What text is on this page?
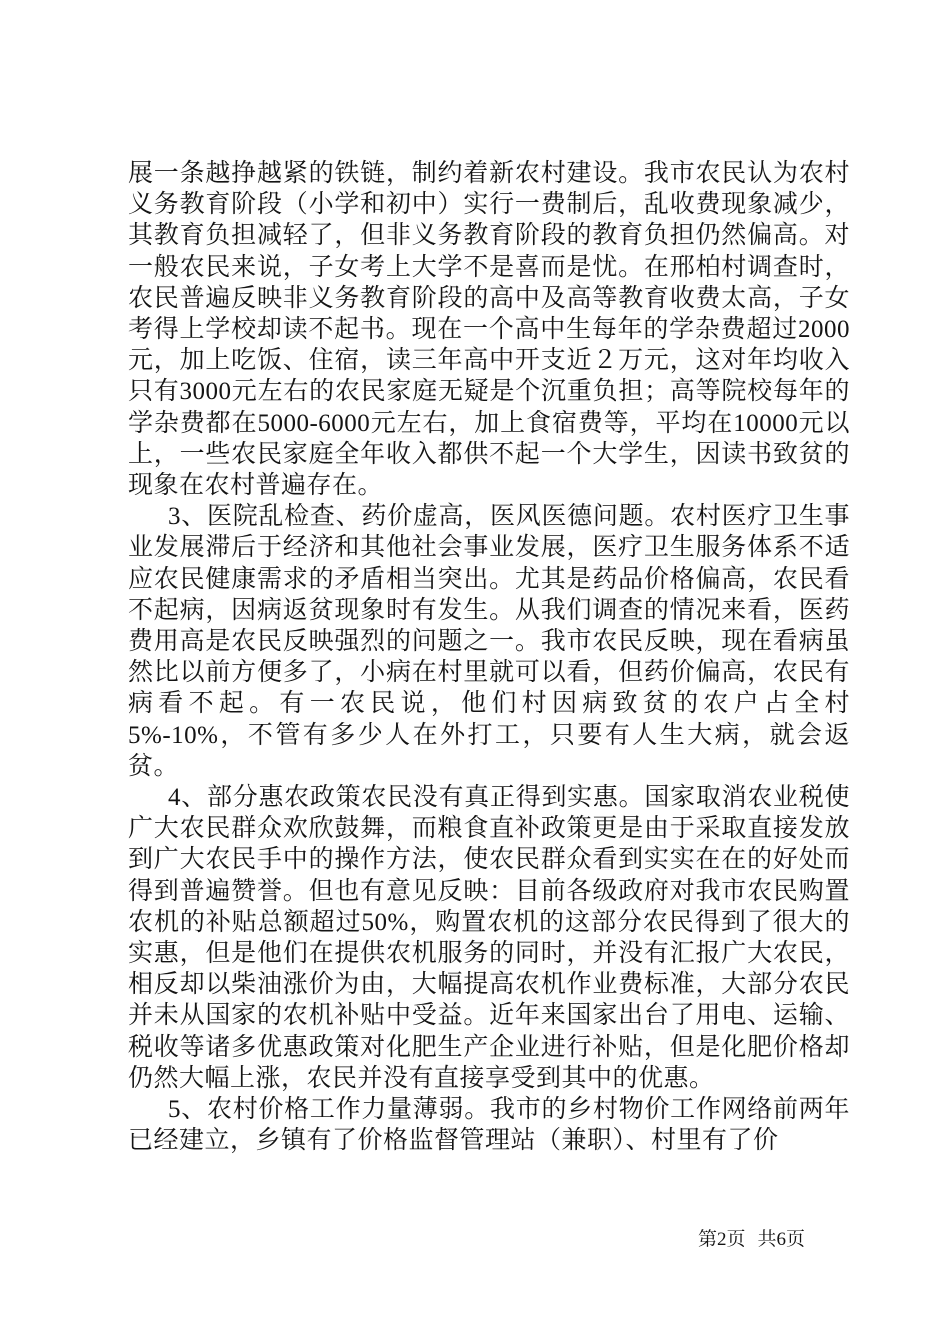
展一条越挣越紧的铁链，制约着新农村建设。我市农民认为农村义务教育阶段（小学和初中）实行一费制后，乱收费现象减少，其教育负担减轻了，但非义务教育阶段的教育负担仍然偏高。对一般农民来说，子女考上大学不是喜而是忧。在邢柏村调查时，农民普遍反映非义务教育阶段的高中及高等教育收费太高，子女考得上学校却读不起书。现在一个高中生每年的学杂费超过2000元，加上吃饭、住宿，读三年高中开支近２万元，这对年均收入只有3000元左右的农民家庭无疑是个沉重负担；高等院校每年的学杂费都在5000-6000元左右，加上食宿费等，平均在10000元以上，一些农民家庭全年收入都供不起一个大学生，因读书致贫的现象在农村普遍存在。

3、医院乱检查、药价虚高，医风医德问题。农村医疗卫生事业发展滞后于经济和其他社会事业发展，医疗卫生服务体系不适应农民健康需求的矛盾相当突出。尤其是药品价格偏高，农民看不起病，因病返贫现象时有发生。从我们调查的情况来看，医药费用高是农民反映强烈的问题之一。我市农民反映，现在看病虽然比以前方便多了，小病在村里就可以看，但药价偏高，农民有病看不起。有一农民说，他们村因病致贫的农户占全村5%-10%，不管有多少人在外打工，只要有人生大病，就会返贫。

4、部分惠农政策农民没有真正得到实惠。国家取消农业税使广大农民群众欢欣鼓舞，而粮食直补政策更是由于采取直接发放到广大农民手中的操作方法，使农民群众看到实实在在的好处而得到普遍赞誉。但也有意见反映：目前各级政府对我市农民购置农机的补贴总额超过50%，购置农机的这部分农民得到了很大的实惠，但是他们在提供农机服务的同时，并没有汇报广大农民，相反却以柴油涨价为由，大幅提高农机作业费标准，大部分农民并未从国家的农机补贴中受益。近年来国家出台了用电、运输、税收等诸多优惠政策对化肥生产企业进行补贴，但是化肥价格却仍然大幅上涨，农民并没有直接享受到其中的优惠。

5、农村价格工作力量薄弱。我市的乡村物价工作网络前两年已经建立，乡镇有了价格监督管理站（兼职）、村里有了价

第2页 共6页
